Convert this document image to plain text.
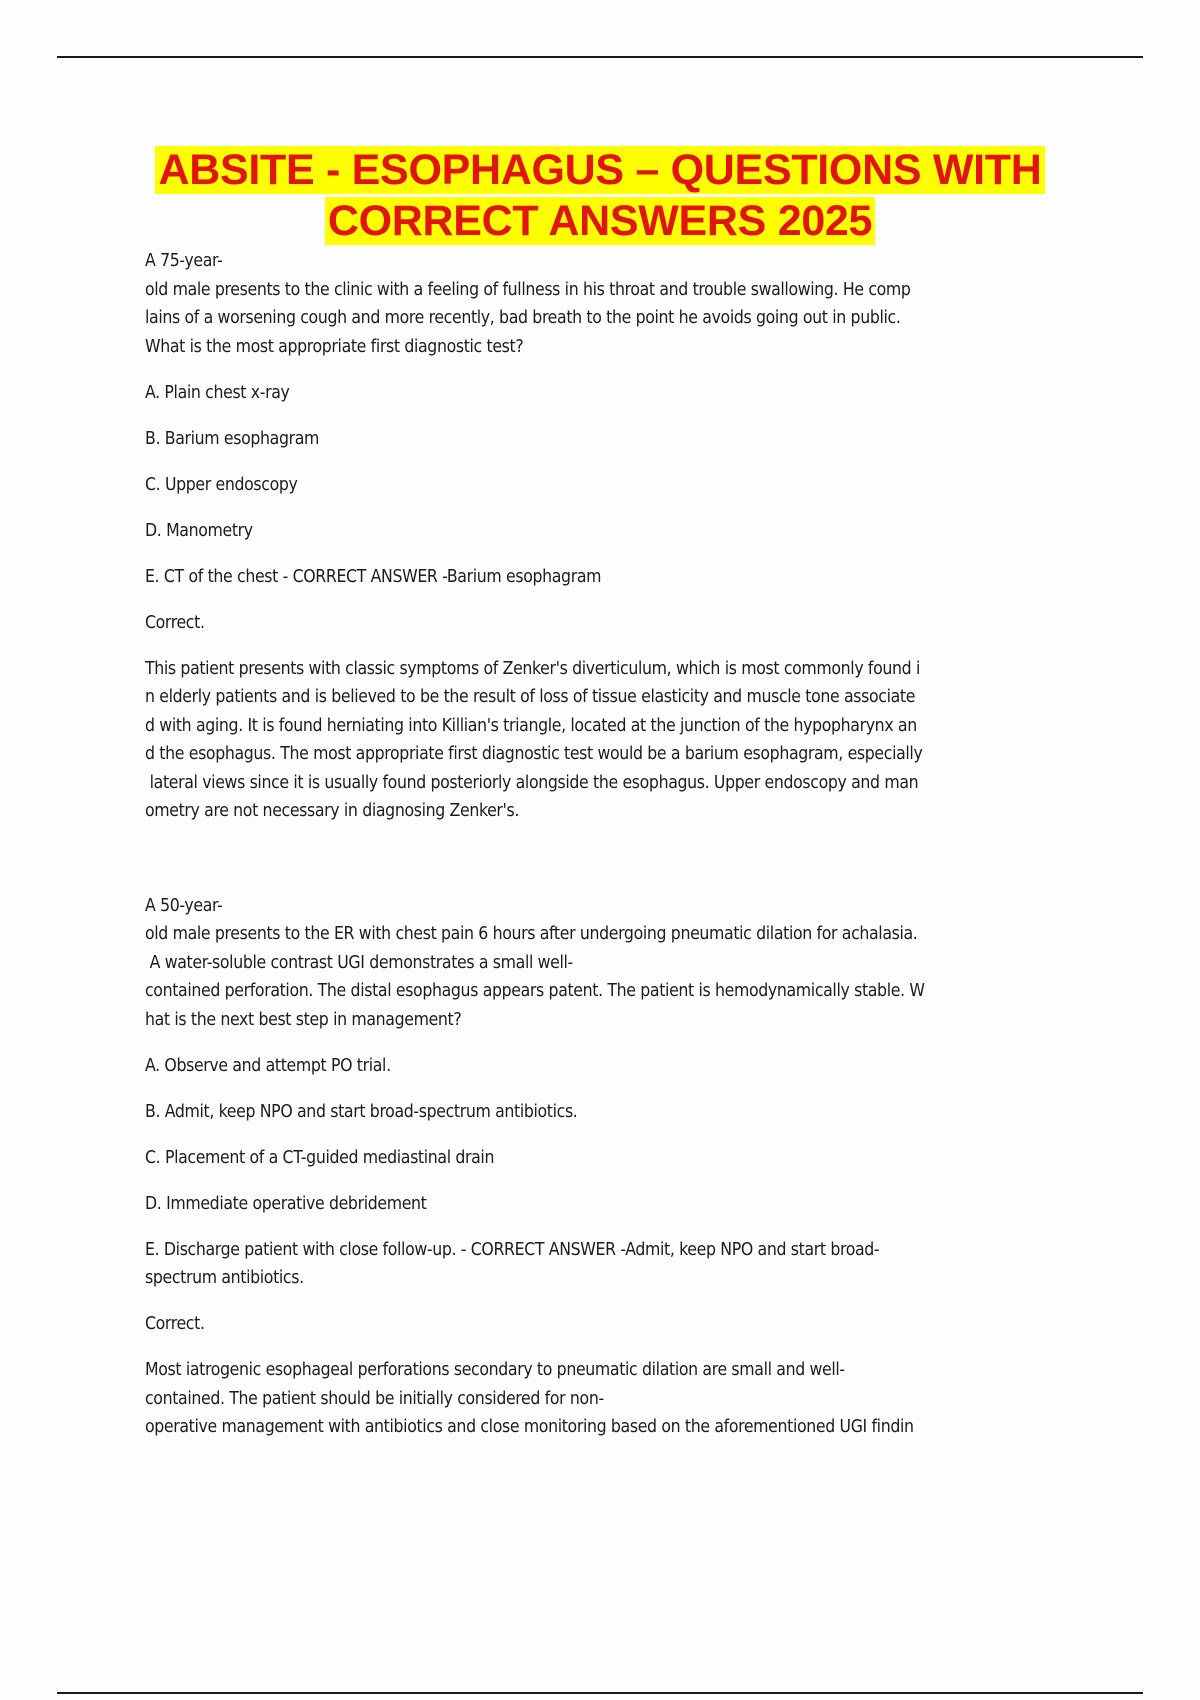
ABSITE - ESOPHAGUS – QUESTIONS WITH
CORRECT ANSWERS 2025

A 75-year-
old male presents to the clinic with a feeling of fullness in his throat and trouble swallowing. He comp
lains of a worsening cough and more recently, bad breath to the point he avoids going out in public.
What is the most appropriate first diagnostic test?

A. Plain chest x-ray

B. Barium esophagram

C. Upper endoscopy

D. Manometry

E. CT of the chest - CORRECT ANSWER -Barium esophagram

Correct.

This patient presents with classic symptoms of Zenker's diverticulum, which is most commonly found i
n elderly patients and is believed to be the result of loss of tissue elasticity and muscle tone associate
d with aging. It is found herniating into Killian's triangle, located at the junction of the hypopharynx an
d the esophagus. The most appropriate first diagnostic test would be a barium esophagram, especially
lateral views since it is usually found posteriorly alongside the esophagus. Upper endoscopy and man
ometry are not necessary in diagnosing Zenker's.

A 50-year-
old male presents to the ER with chest pain 6 hours after undergoing pneumatic dilation for achalasia.
A water-soluble contrast UGI demonstrates a small well-
contained perforation. The distal esophagus appears patent. The patient is hemodynamically stable. W
hat is the next best step in management?

A. Observe and attempt PO trial.

B. Admit, keep NPO and start broad-spectrum antibiotics.

C. Placement of a CT-guided mediastinal drain

D. Immediate operative debridement

E. Discharge patient with close follow-up. - CORRECT ANSWER -Admit, keep NPO and start broad-
spectrum antibiotics.

Correct.

Most iatrogenic esophageal perforations secondary to pneumatic dilation are small and well-
contained. The patient should be initially considered for non-
operative management with antibiotics and close monitoring based on the aforementioned UGI findin
